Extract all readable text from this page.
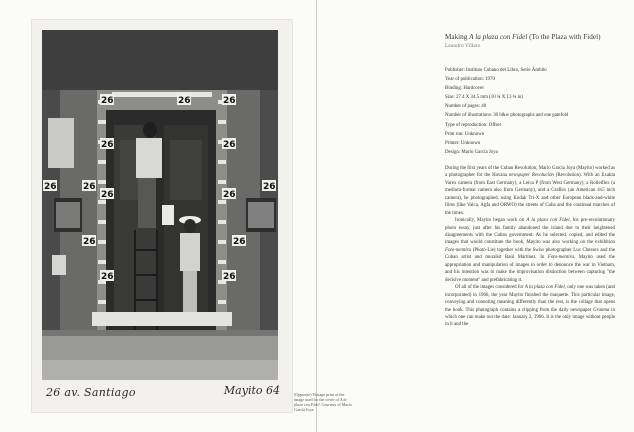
26	26	26
26	26
26	26
26	26	26
26	26
26	26
26 av. Santiago	Mayito 64	(Opposite) Vintage print of the image used for the cover of A la plaza con Fidel. Courtesy of Mario García Joya
Making A la plaza con Fidel (To the Plaza with Fidel)
Leandro Villaro
Publisher: Instituto Cubano del Libro, Serie Ámbito
Year of publication: 1970
Binding: Hardcover
Size: 27.4 X 34.5 mm (10 ¾ X 13 ¾ in)
Number of pages: 40
Number of illustrations: 30 b&w photographs and one gatefold
Type of reproduction: Offset
Print run: Unknown
Printer: Unknown
Design: Mario García Joya

During the first years of the Cuban Revolution, Mario García Joya (Mayito) worked as a photographer for the Havana newspaper Revolución (Revolution). With an Exakta Varex camera (from East Germany), a Leica P (from West Germany), a Rolleiflex (a medium-format camera also from Germany), and a Graflex (an American 4x5 inch camera), he photographed, using Kodak Tri-X and other European black-and-white films (like Valca, Agfa and ORWO) the streets of Cuba and the continual marches of the times.

Ironically, Mayito began work on A la plaza con Fidel, his pre-revolutionary photo essay, just after his family abandoned the island due to their heightened disagreements with the Cuban government. As he selected, copied, and edited the images that would constitute the book, Mayito was also working on the exhibition Foto-mentira (Photo-Lie) together with the Swiss photographer Luc Chessex and the Cuban artist and muralist Raúl Martínez. In Foto-mentira, Mayito used the appropriation and manipulation of images in order to denounce the war in Vietnam, and his intention was to make the improvisation distinction between capturing "the decisive moment" and prefabricating it.

Of all of the images considered for A la plaza con Fidel, only one was taken (and incorporated) in 1966, the year Mayito finished the maquette. This particular image, conveying and connoting meaning differently than the rest, is the collage that opens the book. This photograph contains a clipping from the daily newspaper Granma in which one can make out the date: January 2, 1966. It is the only image without people in it and the
